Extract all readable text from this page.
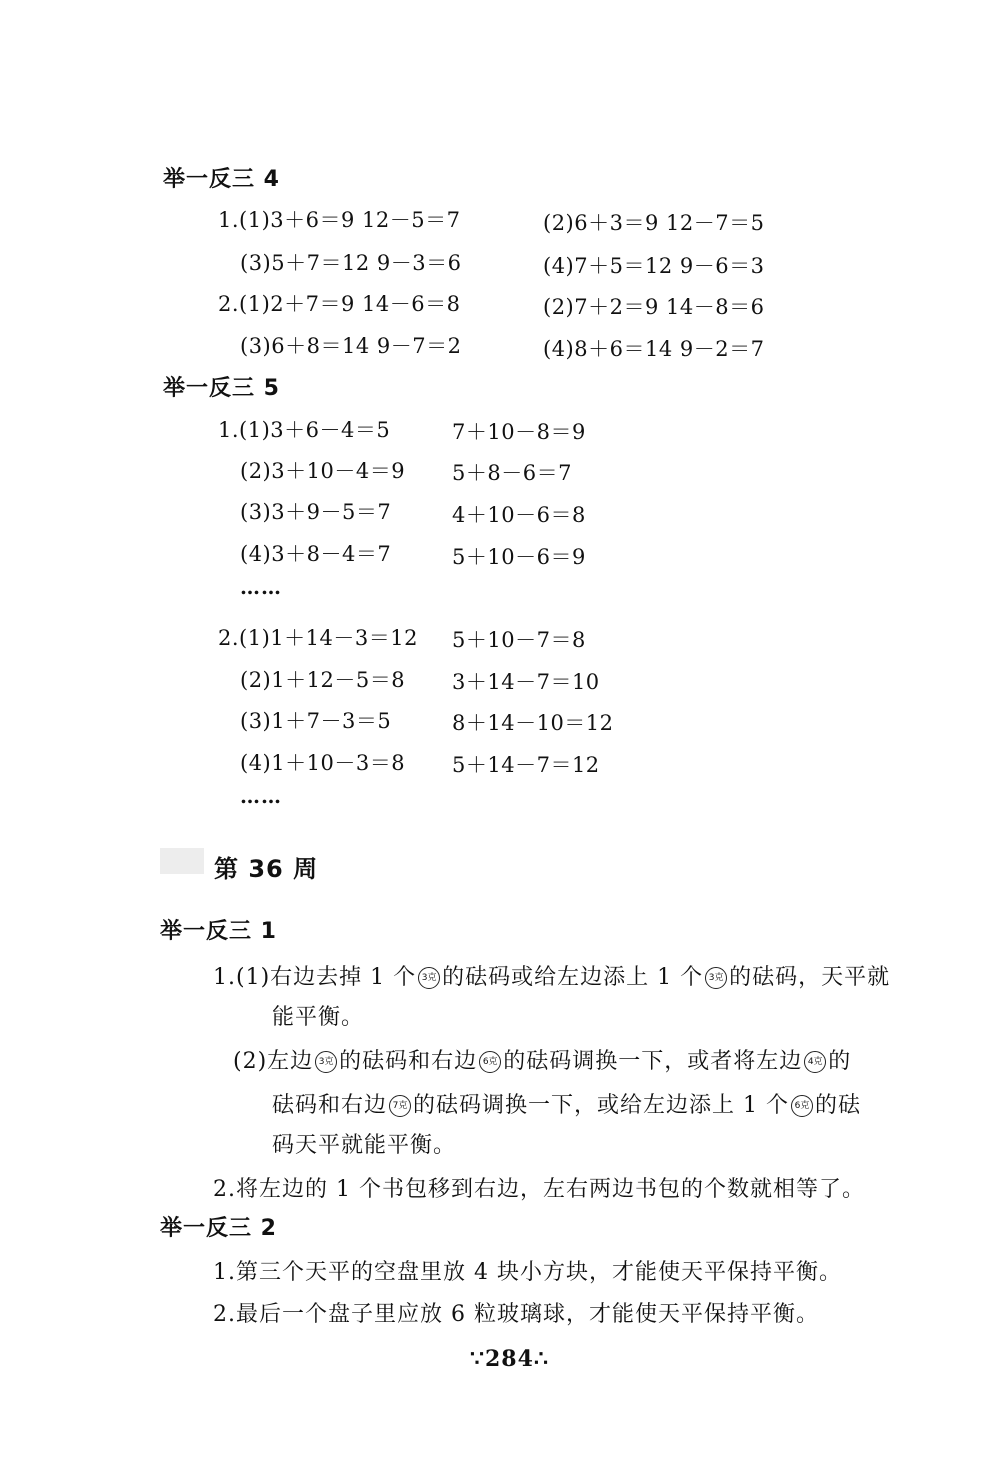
举一反三 4
1.(1)3＋6＝9 12－5＝7	(2)6＋3＝9 12－7＝5
(3)5＋7＝12 9－3＝6	(4)7＋5＝12 9－6＝3
2.(1)2＋7＝9 14－6＝8	(2)7＋2＝9 14－8＝6
(3)6＋8＝14 9－7＝2	(4)8＋6＝14 9－2＝7
举一反三 5
1.(1)3＋6－4＝5	7＋10－8＝9
(2)3＋10－4＝9 5＋8－6＝7
(3)3＋9－5＝7	4＋10－6＝8
(4)3＋8－4＝7	5＋10－6＝9
……
2.(1)1＋14－3＝12 5＋10－7＝8
(2)1＋12－5＝8 3＋14－7＝10
(3)1＋7－3＝5	8＋14－10＝12
(4)1＋10－3＝8 5＋14－7＝12
……
第 36 周
举一反三 1
1.(1)右边去掉 1 个 3克 的砝码或给左边添上 1 个 3克 的砝码，天平就
能平衡。
(2)左边 3克 的砝码和右边 6克 的砝码调换一下，或者将左边 4克 的
砝码和右边 7克 的砝码调换一下，或给左边添上 1 个 6克 的砝
码天平就能平衡。
2.将左边的 1 个书包移到右边，左右两边书包的个数就相等了。
举一反三 2
1.第三个天平的空盘里放 4 块小方块，才能使天平保持平衡。
2.最后一个盘子里应放 6 粒玻璃球，才能使天平保持平衡。
∵284∴
